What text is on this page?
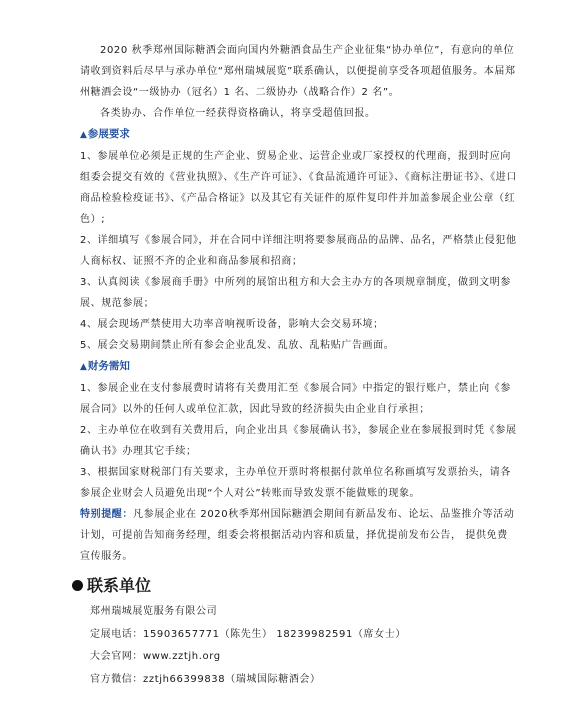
2020 秋季郑州国际糖酒会面向国内外糖酒食品生产企业征集“协办单位”，有意向的单位请收到资料后尽早与承办单位“郑州瑞城展览”联系确认，以便提前享受各项超值服务。本届郑州糖酒会设“一级协办（冠名）1 名、二级协办（战略合作）2 名”。

各类协办、合作单位一经获得资格确认，将享受超值回报。

▲参展要求

1、参展单位必须是正规的生产企业、贸易企业、运营企业或厂家授权的代理商，报到时应向组委会提交有效的《营业执照》、《生产许可证》、《食品流通许可证》、《商标注册证书》、《进口商品检验检疫证书》、《产品合格证》以及其它有关证件的原件复印件并加盖参展企业公章（红色）;

2、详细填写《参展合同》，并在合同中详细注明将要参展商品的品牌、品名，严格禁止侵犯他人商标权、证照不齐的企业和商品参展和招商；

3、认真阅读《参展商手册》中所列的展馆出租方和大会主办方的各项规章制度，做到文明参展、规范参展；

4、展会现场严禁使用大功率音响视听设备，影响大会交易环境；

5、展会交易期间禁止所有参会企业乱发、乱放、乱粘贴广告画面。

▲财务需知

1、参展企业在支付参展费时请将有关费用汇至《参展合同》中指定的银行账户，禁止向《参展合同》以外的任何人或单位汇款，因此导致的经济损失由企业自行承担；

2、主办单位在收到有关费用后，向企业出具《参展确认书》，参展企业在参展报到时凭《参展确认书》办理其它手续；

3、根据国家财税部门有关要求，主办单位开票时将根据付款单位名称画填写发票抬头，请各参展企业财会人员避免出现“个人对公”转账而导致发票不能做账的现象。

特别提醒：凡参展企业在 2020秋季郑州国际糖酒会期间有新品发布、论坛、品鉴推介等活动计划，可提前告知商务经理，组委会将根据活动内容和质量，择优提前发布公告， 提供免费宣传服务。

联系单位

郑州瑞城展览服务有限公司

定展电话：15903657771（陈先生） 18239982591（席女士）

大会官网：www.zztjh.org

官方微信：zztjh66399838（瑞城国际糖酒会）
